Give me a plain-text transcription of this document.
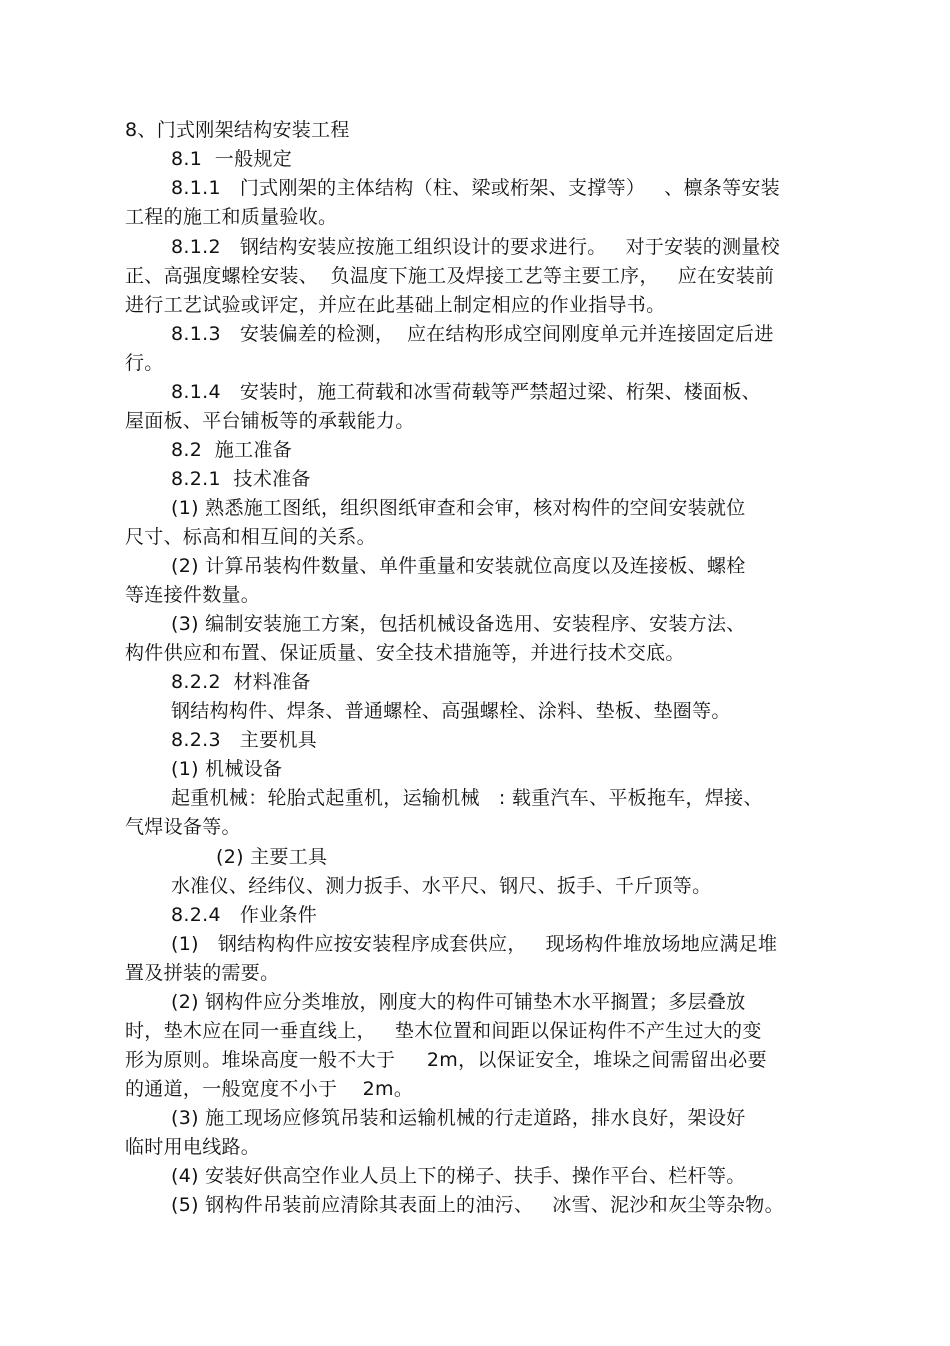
8、门式刚架结构安装工程
8.1  一般规定
8.1.1   门式刚架的主体结构（柱、梁或桁架、支撑等）   、檩条等安装
工程的施工和质量验收。
8.1.2   钢结构安装应按施工组织设计的要求进行。   对于安装的测量校
正、高强度螺栓安装、  负温度下施工及焊接工艺等主要工序，   应在安装前
进行工艺试验或评定，并应在此基础上制定相应的作业指导书。
8.1.3   安装偏差的检测，  应在结构形成空间刚度单元并连接固定后进
行。
8.1.4   安装时，施工荷载和冰雪荷载等严禁超过梁、桁架、楼面板、
屋面板、平台铺板等的承载能力。
8.2  施工准备
8.2.1  技术准备
(1) 熟悉施工图纸，组织图纸审查和会审，核对构件的空间安装就位
尺寸、标高和相互间的关系。
(2) 计算吊装构件数量、单件重量和安装就位高度以及连接板、螺栓
等连接件数量。
(3) 编制安装施工方案，包括机械设备选用、安装程序、安装方法、
构件供应和布置、保证质量、安全技术措施等，并进行技术交底。
8.2.2  材料准备
钢结构构件、焊条、普通螺栓、高强螺栓、涂料、垫板、垫圈等。
8.2.3   主要机具
(1) 机械设备
起重机械：轮胎式起重机，运输机械   : 载重汽车、平板拖车，焊接、
气焊设备等。
(2) 主要工具
水准仪、经纬仪、测力扳手、水平尺、钢尺、扳手、千斤顶等。
8.2.4   作业条件
(1)   钢结构构件应按安装程序成套供应，   现场构件堆放场地应满足堆
置及拼装的需要。
(2) 钢构件应分类堆放，刚度大的构件可铺垫木水平搁置；多层叠放
时，垫木应在同一垂直线上，   垫木位置和间距以保证构件不产生过大的变
形为原则。堆垛高度一般不大于     2m，以保证安全，堆垛之间需留出必要
的通道，一般宽度不小于    2m。
(3) 施工现场应修筑吊装和运输机械的行走道路，排水良好，架设好
临时用电线路。
(4) 安装好供高空作业人员上下的梯子、扶手、操作平台、栏杆等。
(5) 钢构件吊装前应清除其表面上的油污、   冰雪、泥沙和灰尘等杂物。
